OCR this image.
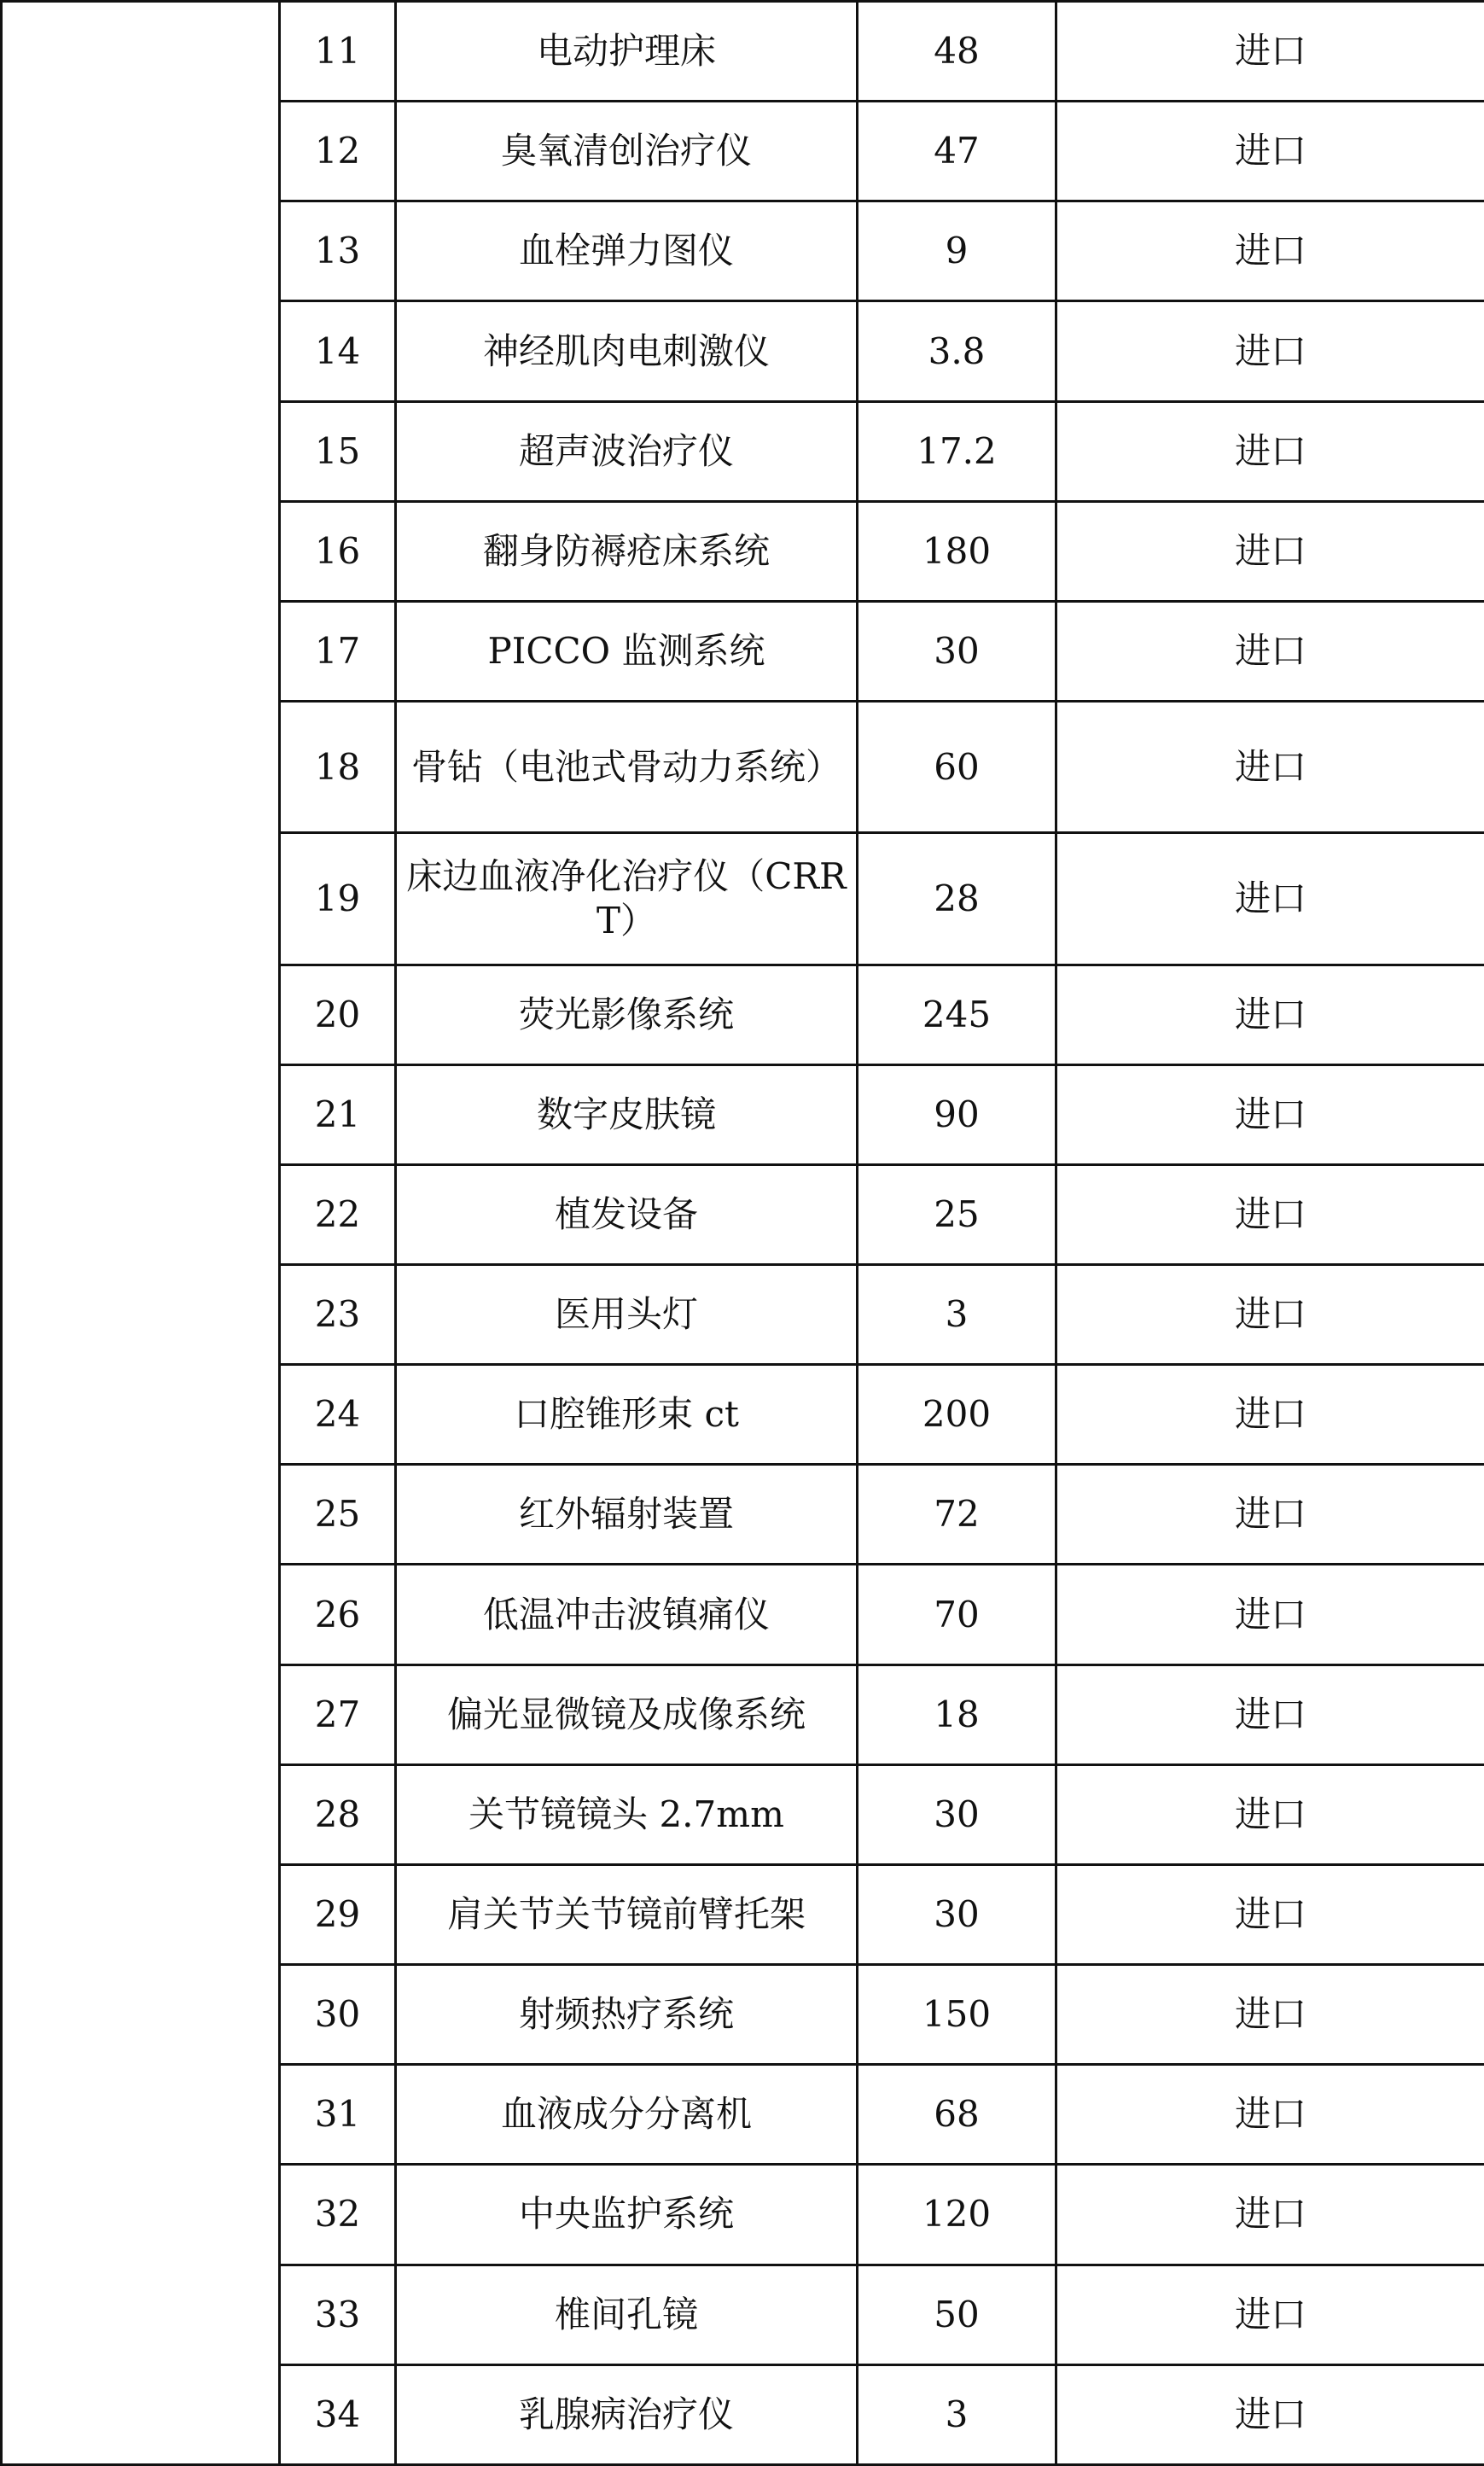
	11	电动护理床	48	进口
	12	臭氧清创治疗仪	47	进口
	13	血栓弹力图仪	9	进口
	14	神经肌肉电刺激仪	3.8	进口
	15	超声波治疗仪	17.2	进口
	16	翻身防褥疮床系统	180	进口
	17	PICCO 监测系统	30	进口
	18	骨钻（电池式骨动力系统）	60	进口
	19	床边血液净化治疗仪（CRRT）	28	进口
	20	荧光影像系统	245	进口
	21	数字皮肤镜	90	进口
	22	植发设备	25	进口
	23	医用头灯	3	进口
	24	口腔锥形束 ct	200	进口
	25	红外辐射装置	72	进口
	26	低温冲击波镇痛仪	70	进口
	27	偏光显微镜及成像系统	18	进口
	28	关节镜镜头 2.7mm	30	进口
	29	肩关节关节镜前臂托架	30	进口
	30	射频热疗系统	150	进口
	31	血液成分分离机	68	进口
	32	中央监护系统	120	进口
	33	椎间孔镜	50	进口
	34	乳腺病治疗仪	3	进口
